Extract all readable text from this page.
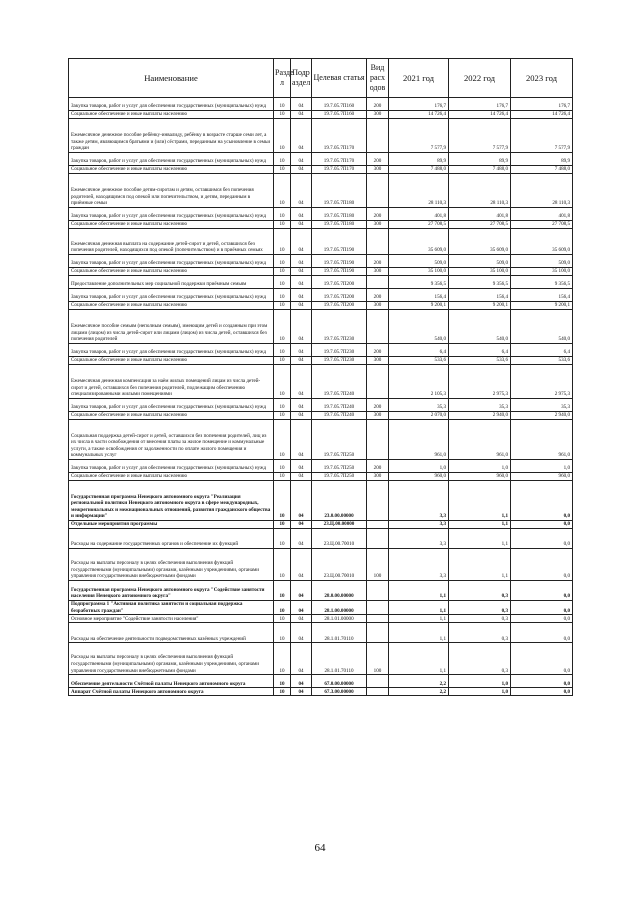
Наименование	Разде л	Подр аздел	Целевая статья	Вид расх одов	2021 год	2022 год	2023 год
Закупка товаров, работ и услуг для обеспечения государственных (муниципальных) нужд	10	04	19.7.05.7П160	200	176,7	176,7	176,7
Социальное обеспечение и иные выплаты населению	10	04	19.7.05.7П160	300	14 726,4	14 726,4	14 726,4
Ежемесячное денежное пособие ребёнку-инвалиду, ребёнку в возрасте старше семи лет, а также детям, являющимся братьями и (или) сёстрами, переданным на усыновление в семьи граждан	10	04	19.7.05.7П170		7 577,9	7 577,9	7 577,9
Закупка товаров, работ и услуг для обеспечения государственных (муниципальных) нужд	10	04	19.7.05.7П170	200	89,9	89,9	89,9
Социальное обеспечение и иные выплаты населению	10	04	19.7.05.7П170	300	7 488,0	7 488,0	7 488,0
Ежемесячное денежное пособие детям-сиротам и детям, оставшимся без попечения родителей, находящимся под опекой или попечительством, и детям, переданным в приёмные семьи	10	04	19.7.05.7П180		28 110,3	28 110,3	28 110,3
Закупка товаров, работ и услуг для обеспечения государственных (муниципальных) нужд	10	04	19.7.05.7П180	200	401,8	401,8	401,8
Социальное обеспечение и иные выплаты населению	10	04	19.7.05.7П180	300	27 708,5	27 708,5	27 708,5
Ежемесячная денежная выплата на содержание детей-сирот и детей, оставшихся без попечения родителей, находящихся под опекой (попечительством) и в приёмных семьях	10	04	19.7.05.7П190		35 609,0	35 609,0	35 609,0
Закупка товаров, работ и услуг для обеспечения государственных (муниципальных) нужд	10	04	19.7.05.7П190	200	509,0	509,0	509,0
Социальное обеспечение и иные выплаты населению	10	04	19.7.05.7П190	300	35 100,0	35 100,0	35 100,0
Предоставление дополнительных мер социальной поддержки приёмным семьям	10	04	19.7.05.7П200		9 356,5	9 356,5	9 356,5
Закупка товаров, работ и услуг для обеспечения государственных (муниципальных) нужд	10	04	19.7.05.7П200	200	156,4	156,4	156,4
Социальное обеспечение и иные выплаты населению	10	04	19.7.05.7П200	300	9 200,1	9 200,1	9 200,1
Ежемесячное пособие семьям (неполным семьям), имеющим детей и созданным при этом лицами (лицом) из числа детей-сирот или лицами (лицом) из числа детей, оставшихся без попечения родителей	10	04	19.7.05.7П230		540,0	540,0	540,0
Закупка товаров, работ и услуг для обеспечения государственных (муниципальных) нужд	10	04	19.7.05.7П230	200	6,4	6,4	6,4
Социальное обеспечение и иные выплаты населению	10	04	19.7.05.7П230	300	533,6	533,6	533,6
Ежемесячная денежная компенсация за наём жилых помещений лицам из числа детей-сирот и детей, оставшихся без попечения родителей, подлежащим обеспечению специализированными жилыми помещениями	10	04	19.7.05.7П240		2 105,3	2 975,3	2 975,3
Закупка товаров, работ и услуг для обеспечения государственных (муниципальных) нужд	10	04	19.7.05.7П240	200	35,3	35,3	35,3
Социальное обеспечение и иные выплаты населению	10	04	19.7.05.7П240	300	2 070,0	2 940,0	2 940,0
Социальная поддержка детей-сирот и детей, оставшихся без попечения родителей, лиц из их числа в части освобождения от внесения платы за жилое помещение и коммунальные услуги, а также освобождения от задолженности по оплате жилого помещения и коммунальных услуг	10	04	19.7.05.7П250		961,0	961,0	961,0
Закупка товаров, работ и услуг для обеспечения государственных (муниципальных) нужд	10	04	19.7.05.7П250	200	1,0	1,0	1,0
Социальное обеспечение и иные выплаты населению	10	04	19.7.05.7П250	300	960,0	960,0	960,0
Государственная программа Ненецкого автономного округа "Реализация региональной политики Ненецкого автономного округа в сфере международных, межрегиональных и межнациональных отношений, развития гражданского общества и информации"	10	04	23.0.00.00000		3,3	1,1	0,0
Отдельные мероприятия программы	10	04	23.Ц.00.00000		3,3	1,1	0,0
Расходы на содержание государственных органов и обеспечение их функций	10	04	23.Ц.00.70010		3,3	1,1	0,0
Расходы на выплаты персоналу в целях обеспечения выполнения функций государственными (муниципальными) органами, казёнными учреждениями, органами управления государственными внебюджетными фондами	10	04	23.Ц.00.70010	100	3,3	1,1	0,0
Государственная программа Ненецкого автономного округа "Содействие занятости населения Ненецкого автономного округа"	10	04	28.0.00.00000		1,1	0,3	0,0
Подпрограмма 1 "Активная политика занятости и социальная поддержка безработных граждан"	10	04	28.1.00.00000		1,1	0,3	0,0
Основное мероприятие "Содействие занятости населения"	10	04	28.1.01.00000		1,1	0,3	0,0
Расходы на обеспечение деятельности подведомственных казённых учреждений	10	04	28.1.01.70110		1,1	0,3	0,0
Расходы на выплаты персоналу в целях обеспечения выполнения функций государственными (муниципальными) органами, казёнными учреждениями, органами управления государственными внебюджетными фондами	10	04	28.1.01.70110	100	1,1	0,3	0,0
Обеспечение деятельности Счётной палаты Ненецкого автономного округа	10	04	67.0.00.00000		2,2	1,0	0,0
Аппарат Счётной палаты Ненецкого автономного округа	10	04	67.3.00.00000		2,2	1,0	0,0
64
